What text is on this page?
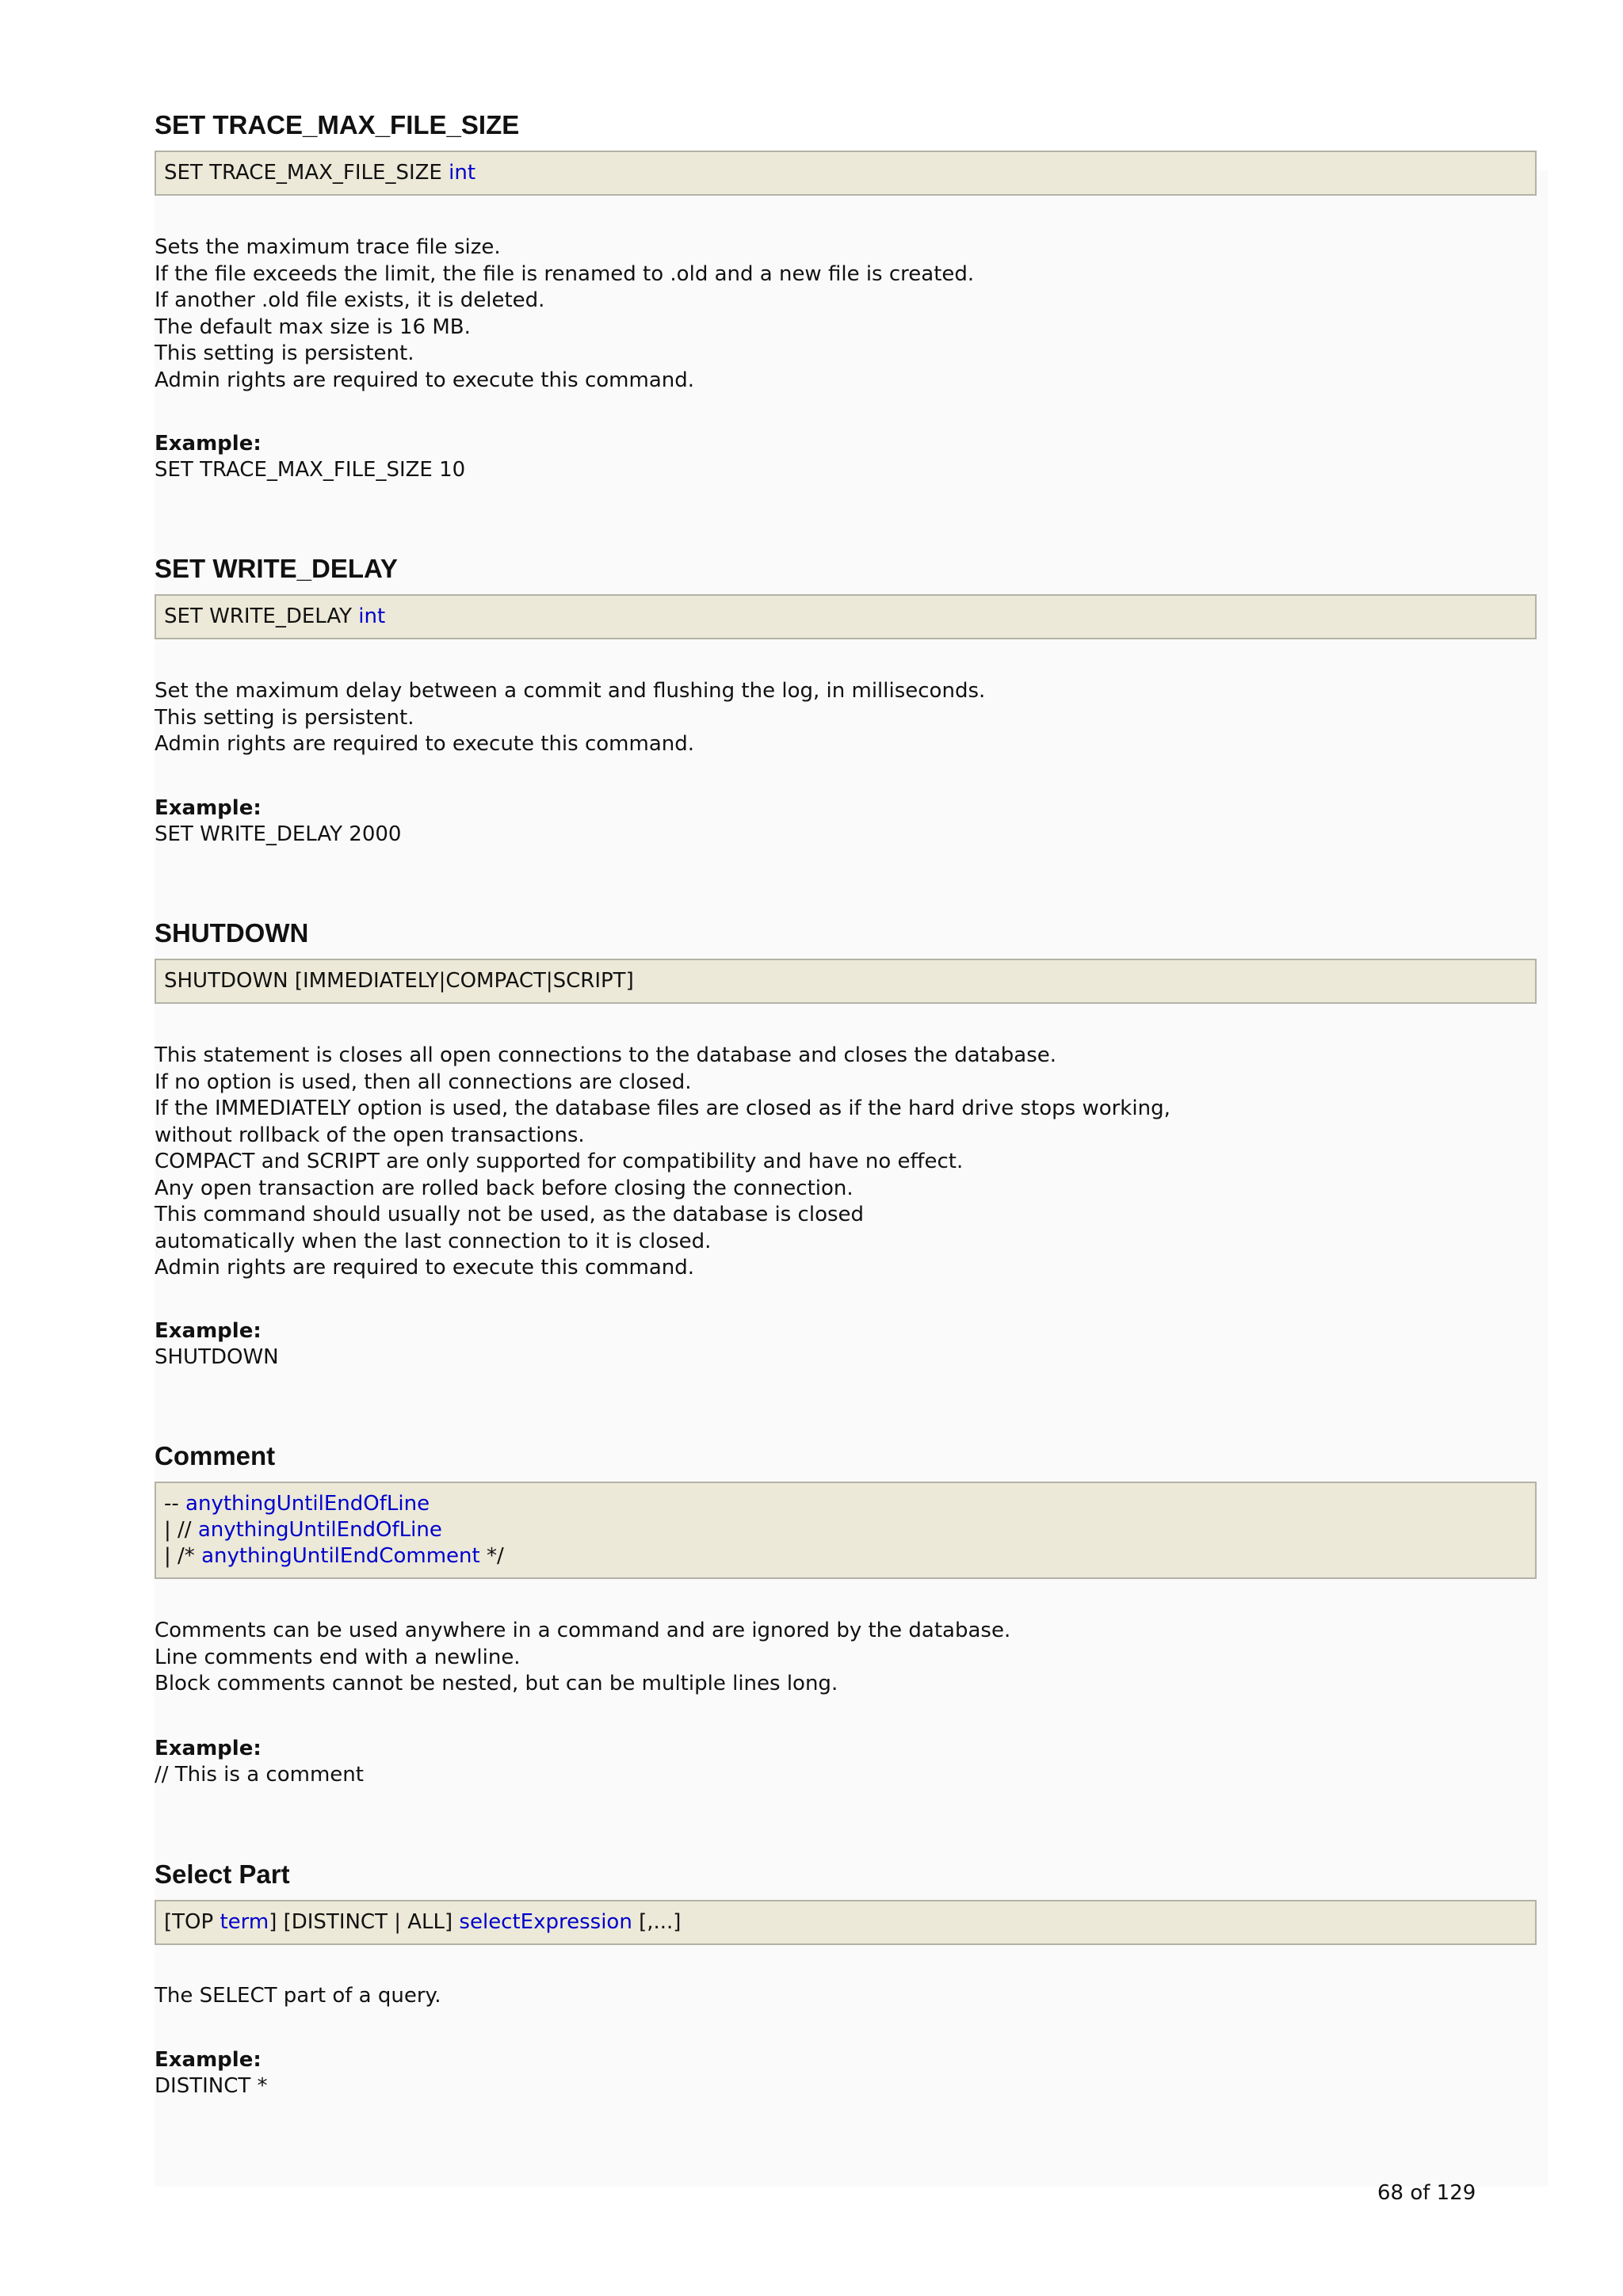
SET TRACE_MAX_FILE_SIZE
SET TRACE_MAX_FILE_SIZE int
Sets the maximum trace file size.
If the file exceeds the limit, the file is renamed to .old and a new file is created.
If another .old file exists, it is deleted.
The default max size is 16 MB.
This setting is persistent.
Admin rights are required to execute this command.
Example:
SET TRACE_MAX_FILE_SIZE 10
SET WRITE_DELAY
SET WRITE_DELAY int
Set the maximum delay between a commit and flushing the log, in milliseconds.
This setting is persistent.
Admin rights are required to execute this command.
Example:
SET WRITE_DELAY 2000
SHUTDOWN
SHUTDOWN [IMMEDIATELY|COMPACT|SCRIPT]
This statement is closes all open connections to the database and closes the database.
If no option is used, then all connections are closed.
If the IMMEDIATELY option is used, the database files are closed as if the hard drive stops working,
without rollback of the open transactions.
COMPACT and SCRIPT are only supported for compatibility and have no effect.
Any open transaction are rolled back before closing the connection.
This command should usually not be used, as the database is closed
automatically when the last connection to it is closed.
Admin rights are required to execute this command.
Example:
SHUTDOWN
Comment
-- anythingUntilEndOfLine
| // anythingUntilEndOfLine
| /* anythingUntilEndComment */
Comments can be used anywhere in a command and are ignored by the database.
Line comments end with a newline.
Block comments cannot be nested, but can be multiple lines long.
Example:
// This is a comment
Select Part
[TOP term] [DISTINCT | ALL] selectExpression [,...]
The SELECT part of a query.
Example:
DISTINCT *
68 of 129
